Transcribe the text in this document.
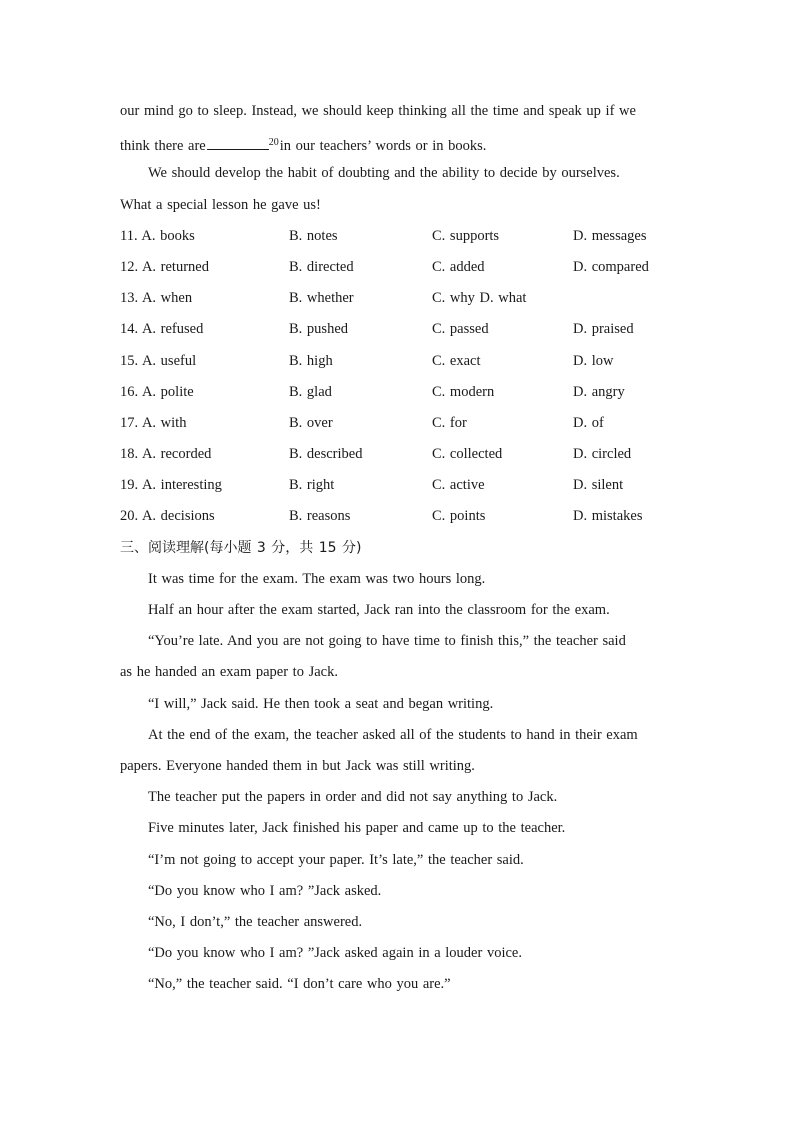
our mind go to sleep. Instead, we should keep thinking all the time and speak up if we
think there are	$^{20}$in our teachers’ words or in books.
We should develop the habit of doubting and the ability to decide by ourselves.
What a special lesson he gave us!
11. A. books	B. notes	C. supports	D. messages
12. A. returned	B. directed	C. added	D. compared
13. A. when	B. whether	C. why D. what
14. A. refused	B. pushed	C. passed	D. praised
15. A. useful	B. high	C. exact	D. low
16. A. polite	B. glad	C. modern	D. angry
17. A. with	B. over	C. for	D. of
18. A. recorded	B. described	C. collected	D. circled
19. A. interesting	B. right	C. active	D. silent
20. A. decisions	B. reasons	C. points	D. mistakes
三、阅读理解(每小题 3 分，共 15 分)
It was time for the exam. The exam was two hours long.
Half an hour after the exam started, Jack ran into the classroom for the exam.
“You’re late. And you are not going to have time to finish this,” the teacher said
as he handed an exam paper to Jack.
“I will,” Jack said. He then took a seat and began writing.
At the end of the exam, the teacher asked all of the students to hand in their exam
papers. Everyone handed them in but Jack was still writing.
The teacher put the papers in order and did not say anything to Jack.
Five minutes later, Jack finished his paper and came up to the teacher.
“I’m not going to accept your paper. It’s late,” the teacher said.
“Do you know who I am? ”Jack asked.
“No, I don’t,” the teacher answered.
“Do you know who I am? ”Jack asked again in a louder voice.
“No,” the teacher said. “I don’t care who you are.”
